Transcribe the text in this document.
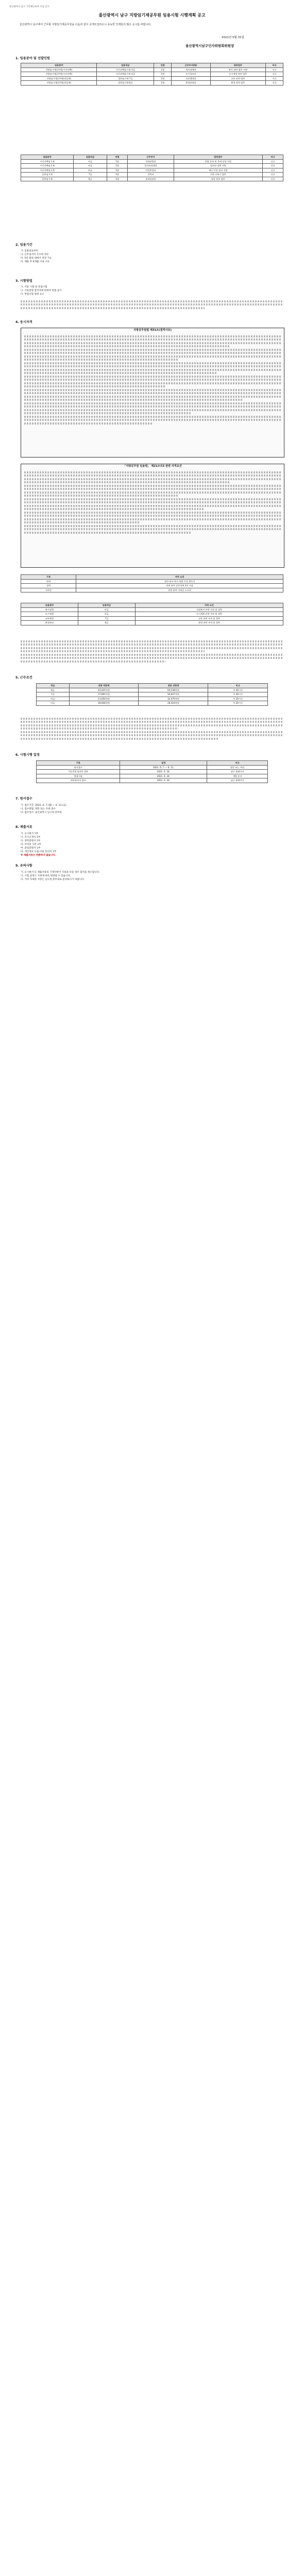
울산광역시 남구 기간제근로자 모집 공고
울산광역시 남구 지방임기제공무원 임용시험 시행계획 공고
울산광역시 남구에서 근무할 지방임기제공무원을 다음과 같이 공개모집하오니 유능한 인재들의 많은 응시를 바랍니다.
2021년 5월 31일
울산광역시남구인사위원회위원장
1. 임용분야 및 선발인원
임용분야	임용직급	인원	근무부서(팀)	담당업무	비고
지방임기제공무원(시간선택)	시간선택임기제 마급	1명	복지정책과	복지 관련 업무 지원	신규
지방임기제공무원(시간선택)	시간선택임기제 라급	1명	도시창조과	도시재생 관련 업무	신규
지방임기제공무원(전일제)	일반임기제 7급	1명	교통행정과	교통 관련 업무	신규
지방임기제공무원(전일제)	일반임기제 6급	1명	환경관리과	환경 관련 업무	신규
임용분야	임용직급	인원	근무부서	담당업무	비고
시간선택임기제	마급	1명	문화관광과	관광 홍보 및 축제 운영 지원	신규
시간선택임기제	마급	1명	일자리경제과	일자리 정책 지원	신규
시간선택임기제	라급	1명	안전총괄과	재난 안전 관리 지원	신규
일반임기제	7급	1명	건축과	건축 인허가 업무	신규
일반임기제	6급	1명	홍보담당관	영상 홍보 업무	신규
2. 임용기간
가. 임용일로부터
나. 근무실적이 우수한 경우
다. 5년 범위 내에서 연장 가능
라. 채용 후 6개월 이내 시보
3. 시험방법
가. 서류 시험 및 면접시험
나. 서류전형 합격자에 한하여 면접 실시
다. 면접시험 평정 요소
4. 응시자격
지방공무원법 제31조(결격사유)
「지방공무원 임용령」 제21조의3 관련 자격요건
구분	자격 요건
학력	관련 분야 학사 학위 이상 취득자
경력	관련 분야 실무경력 2년 이상
자격증	관련 분야 자격증 소지자
임용분야	임용직급	자격 요건
복지정책	마급	사회복지 관련 자격 및 경력
도시재생	라급	도시계획 관련 자격 및 경력
교통행정	7급	교통 관련 자격 및 경력
환경관리	6급	환경 관련 자격 및 경력
5. 근무조건
직급	연봉 하한액	연봉 상한액	비고
6급	43,025천원	64,538천원	주 40시간
7급	37,891천원	56,837천원	주 40시간
라급	21,650천원	32,475천원	주 20시간
마급	18,946천원	28,419천원	주 20시간
6. 시험시행 일정
구분	일정	비고
원서접수	2021. 6. 7. ~ 6. 11.	방문 또는 우편
서류전형 합격자 발표	2021. 6. 18.	남구 홈페이지
면접시험	2021. 6. 24.	개별 통지
최종합격자 발표	2021. 6. 30.	남구 홈페이지
7. 원서접수
가. 접수기간: 2021. 6. 7.(월) ~ 6. 11.(금)
나. 접수방법: 방문 또는 우편 접수
다. 접수장소: 울산광역시 남구청 총무과
8. 제출서류
가. 응시원서 1부
나. 자기소개서 1부
다. 경력증명서 1부
라. 자격증 사본 1부
마. 졸업증명서 1부
바. 개인정보 수집·이용 동의서 1부
※ 제출서류는 반환하지 않습니다.
9. 유의사항
가. 응시원서 등 제출서류의 기재사항이 사실과 다를 경우 합격을 취소합니다.
나. 시험 일정은 사정에 따라 변경될 수 있습니다.
다. 기타 자세한 사항은 남구청 총무과로 문의하시기 바랍니다.
